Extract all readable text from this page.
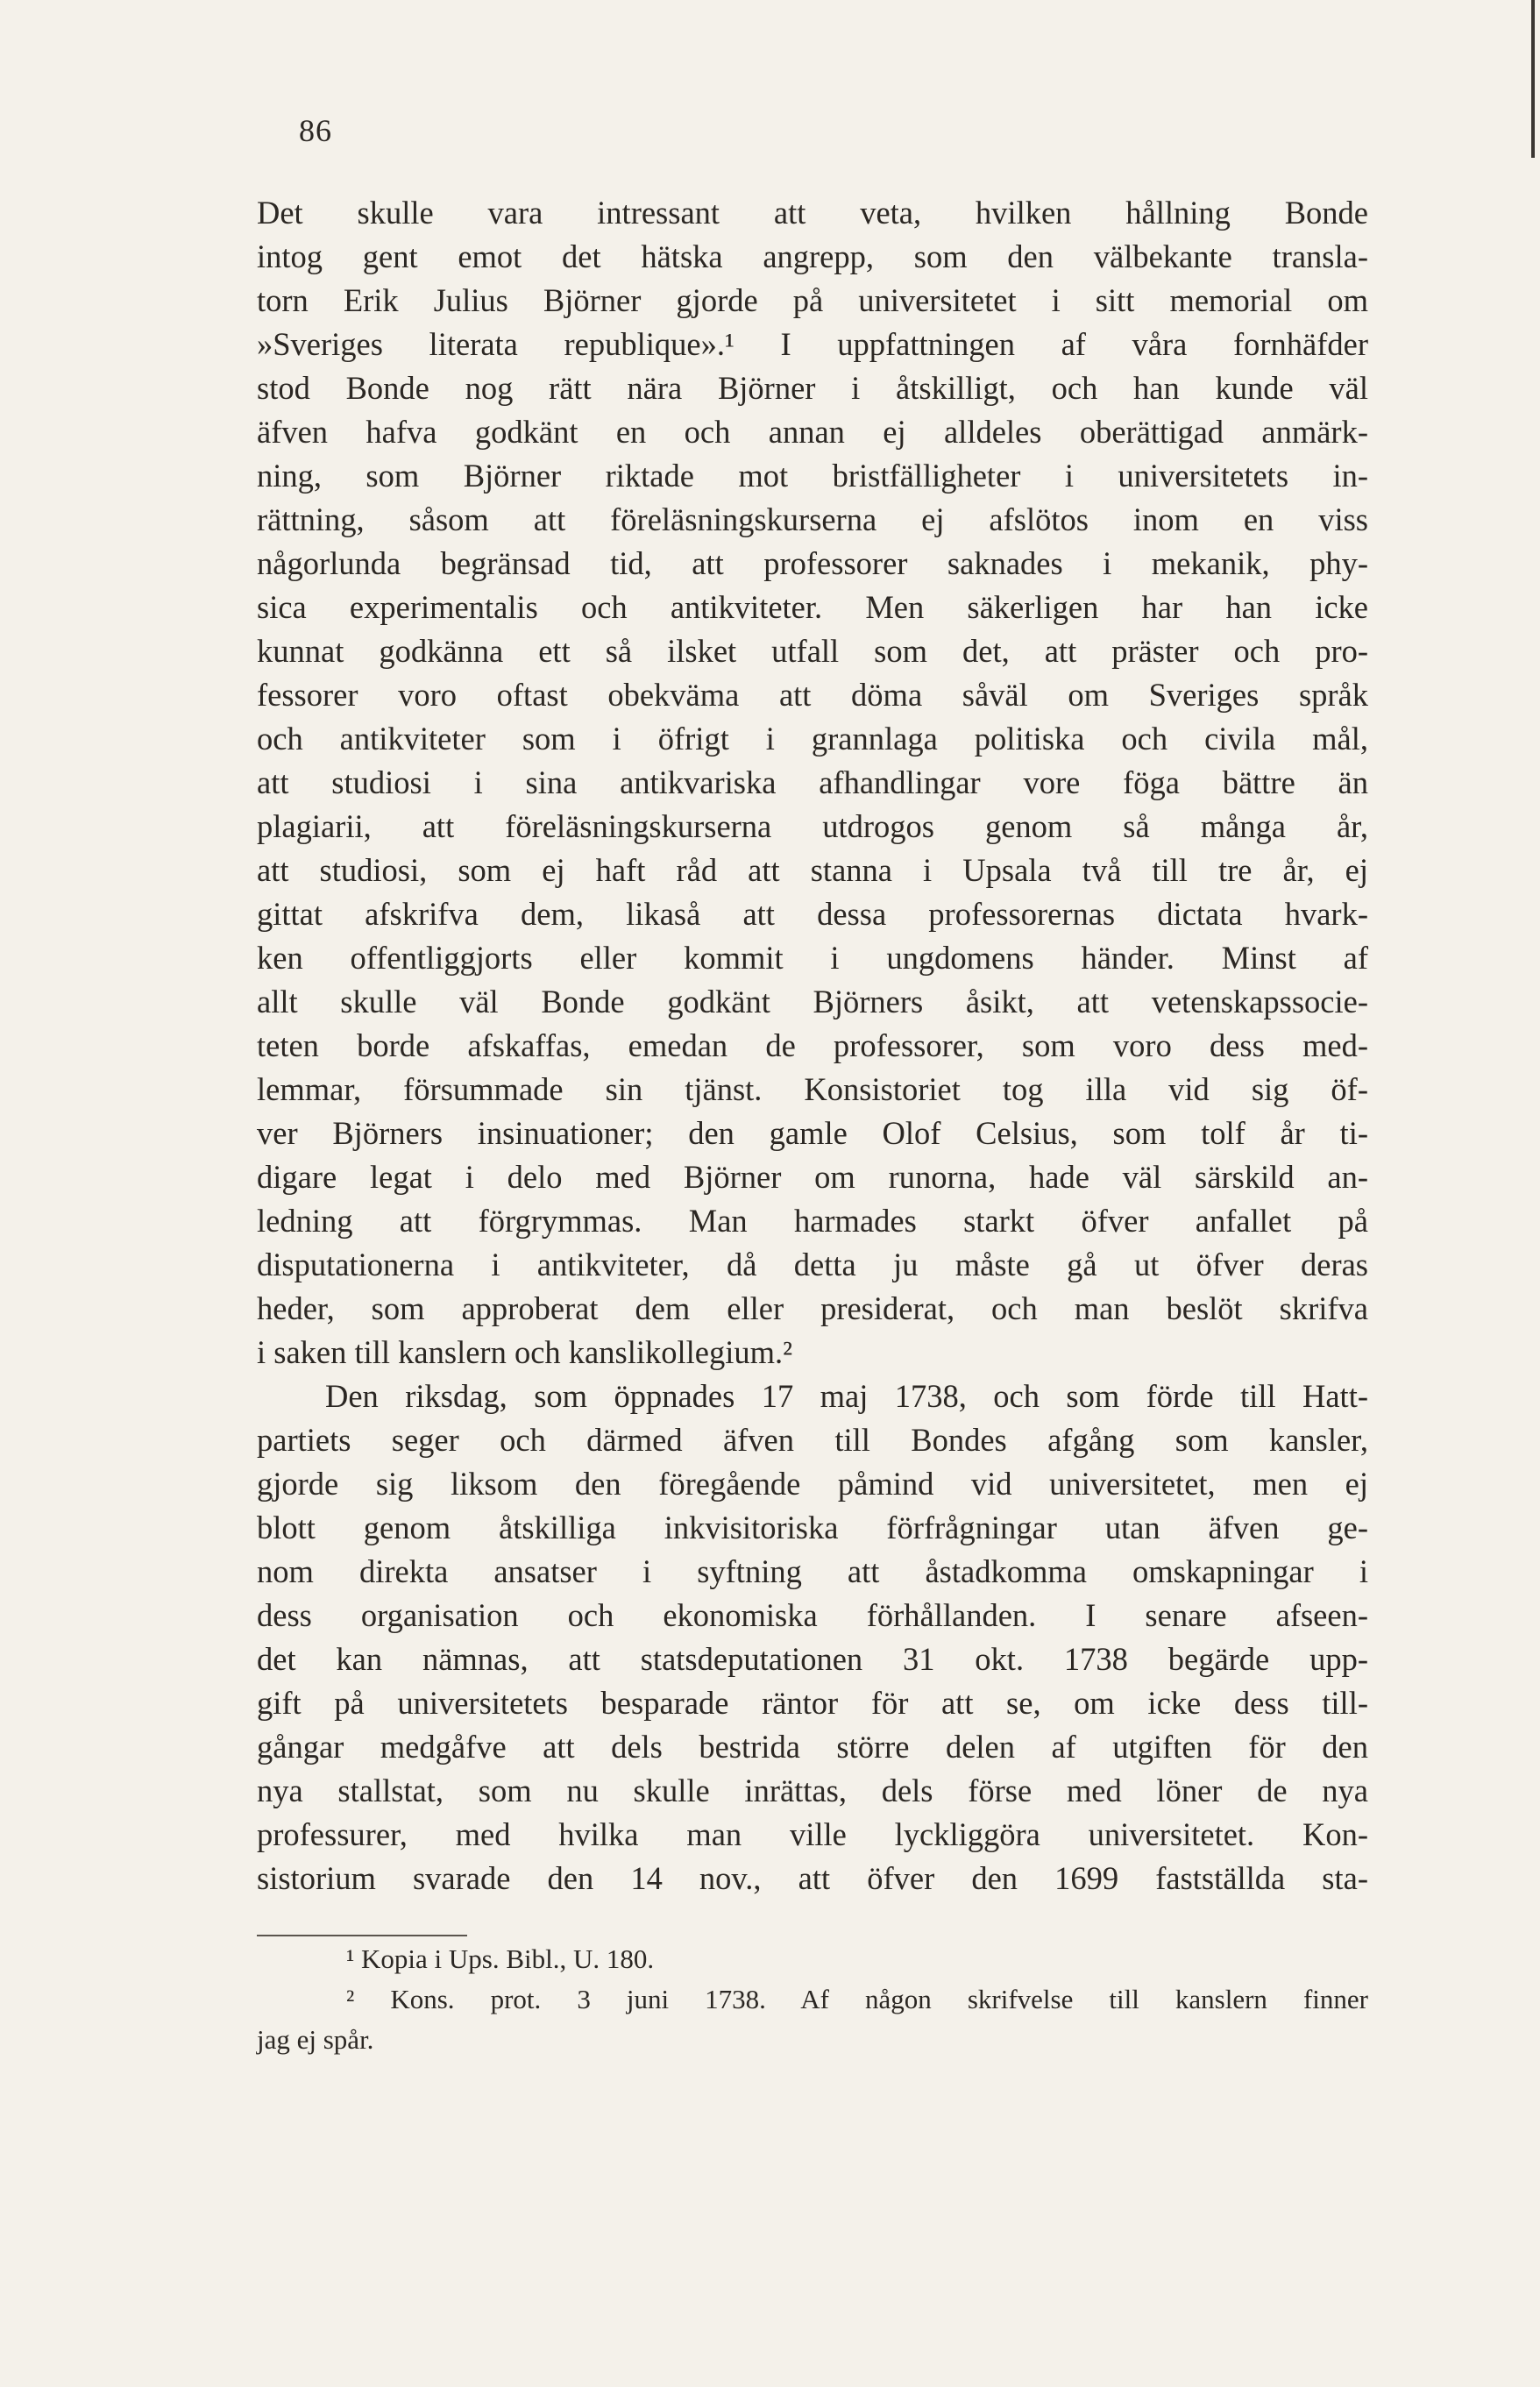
86
Det skulle vara intressant att veta, hvilken hållning Bonde
intog gent emot det hätska angrepp, som den välbekante transla-
torn Erik Julius Björner gjorde på universitetet i sitt memorial om
»Sveriges literata republique».¹ I uppfattningen af våra fornhäfder
stod Bonde nog rätt nära Björner i åtskilligt, och han kunde väl
äfven hafva godkänt en och annan ej alldeles oberättigad anmärk-
ning, som Björner riktade mot bristfälligheter i universitetets in-
rättning, såsom att föreläsningskurserna ej afslötos inom en viss
någorlunda begränsad tid, att professorer saknades i mekanik, phy-
sica experimentalis och antikviteter. Men säkerligen har han icke
kunnat godkänna ett så ilsket utfall som det, att präster och pro-
fessorer voro oftast obekväma att döma såväl om Sveriges språk
och antikviteter som i öfrigt i grannlaga politiska och civila mål,
att studiosi i sina antikvariska afhandlingar vore föga bättre än
plagiarii, att föreläsningskurserna utdrogos genom så många år,
att studiosi, som ej haft råd att stanna i Upsala två till tre år, ej
gittat afskrifva dem, likaså att dessa professorernas dictata hvark-
ken offentliggjorts eller kommit i ungdomens händer. Minst af
allt skulle väl Bonde godkänt Björners åsikt, att vetenskapssocie-
teten borde afskaffas, emedan de professorer, som voro dess med-
lemmar, försummade sin tjänst. Konsistoriet tog illa vid sig öf-
ver Björners insinuationer; den gamle Olof Celsius, som tolf år ti-
digare legat i delo med Björner om runorna, hade väl särskild an-
ledning att förgrymmas. Man harmades starkt öfver anfallet på
disputationerna i antikviteter, då detta ju måste gå ut öfver deras
heder, som approberat dem eller presiderat, och man beslöt skrifva
i saken till kanslern och kanslikollegium.²
Den riksdag, som öppnades 17 maj 1738, och som förde till Hatt-
partiets seger och därmed äfven till Bondes afgång som kansler,
gjorde sig liksom den föregående påmind vid universitetet, men ej
blott genom åtskilliga inkvisitoriska förfrågningar utan äfven ge-
nom direkta ansatser i syftning att åstadkomma omskapningar i
dess organisation och ekonomiska förhållanden. I senare afseen-
det kan nämnas, att statsdeputationen 31 okt. 1738 begärde upp-
gift på universitetets besparade räntor för att se, om icke dess till-
gångar medgåfve att dels bestrida större delen af utgiften för den
nya stallstat, som nu skulle inrättas, dels förse med löner de nya
professurer, med hvilka man ville lyckliggöra universitetet. Kon-
sistorium svarade den 14 nov., att öfver den 1699 fastställda sta-
¹ Kopia i Ups. Bibl., U. 180.
² Kons. prot. 3 juni 1738. Af någon skrifvelse till kanslern finner
jag ej spår.
